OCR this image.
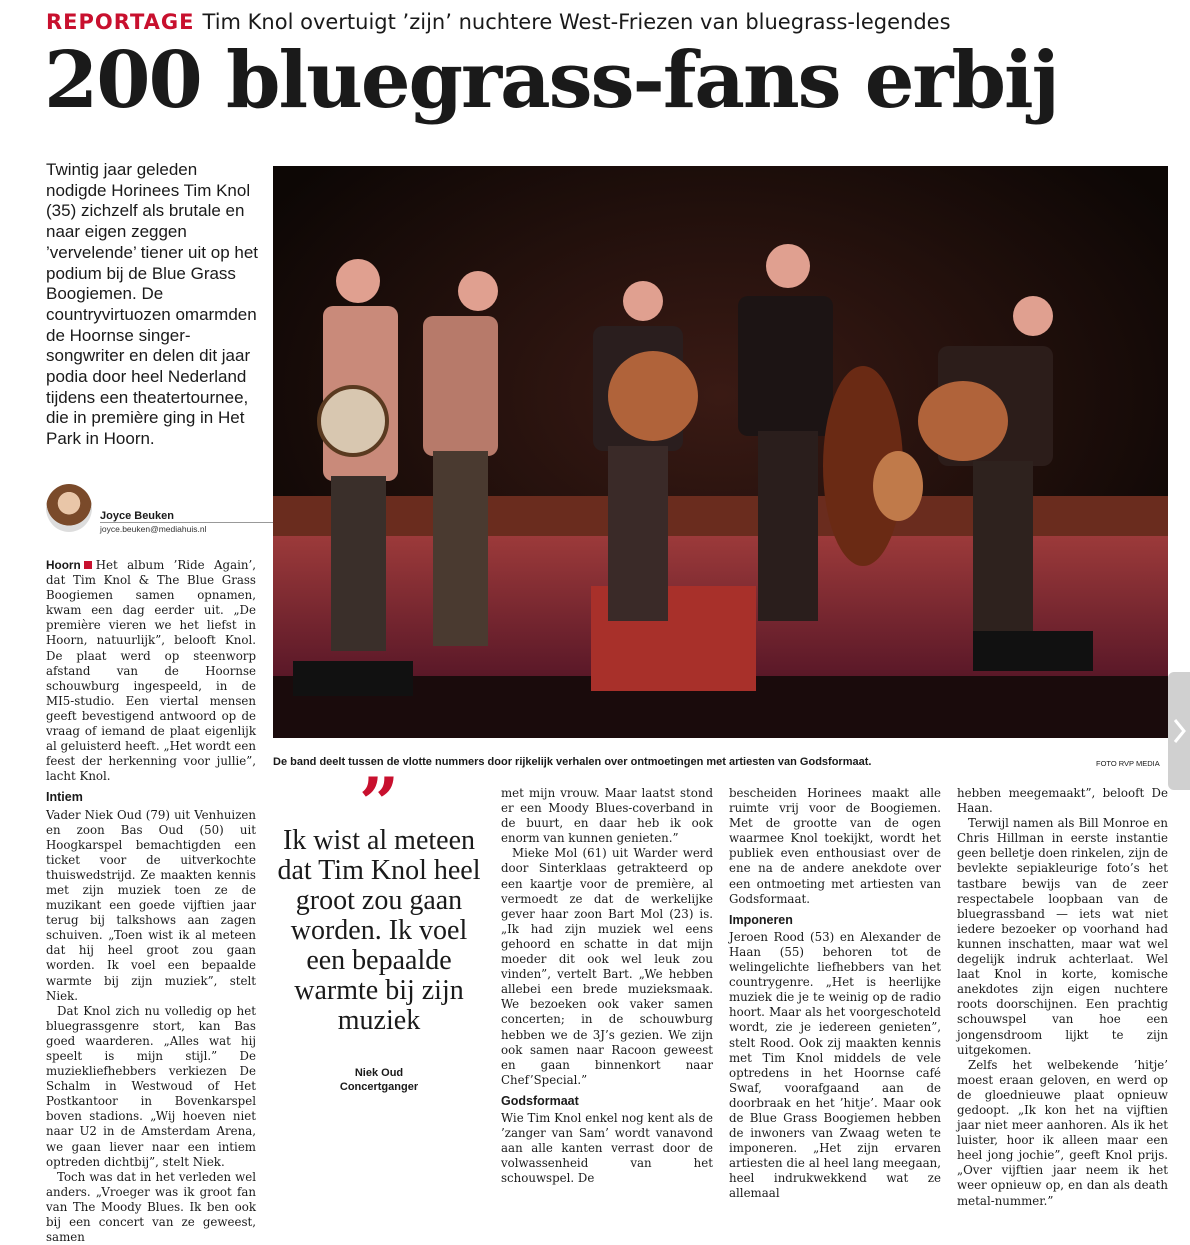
REPORTAGE Tim Knol overtuigt ’zijn’ nuchtere West-Friezen van bluegrass-legendes
200 bluegrass-fans erbij
Twintig jaar geleden nodigde Horinees Tim Knol (35) zichzelf als brutale en naar eigen zeggen ’vervelende’ tiener uit op het podium bij de Blue Grass Boogiemen. De countryvirtuozen omarmden de Hoornse singer-songwriter en delen dit jaar podia door heel Nederland tijdens een theatertournee, die in première ging in Het Park in Hoorn.
Joyce Beuken
joyce.beuken@mediahuis.nl

Hoorn Het album ’Ride Again’, dat Tim Knol & The Blue Grass Boogiemen samen opnamen, kwam een dag eerder uit. „De première vieren we het liefst in Hoorn, natuurlijk”, belooft Knol. De plaat werd op steenworp afstand van de Hoornse schouwburg ingespeeld, in de MI5-studio. Een viertal mensen geeft bevestigend antwoord op de vraag of iemand de plaat eigenlijk al geluisterd heeft. „Het wordt een feest der herkenning voor jullie”, lacht Knol.

Intiem

Vader Niek Oud (79) uit Venhuizen en zoon Bas Oud (50) uit Hoogkarspel bemachtigden een ticket voor de uitverkochte thuiswedstrijd. Ze maakten kennis met zijn muziek toen ze de muzikant een goede vijftien jaar terug bij talkshows aan zagen schuiven. „Toen wist ik al meteen dat hij heel groot zou gaan worden. Ik voel een bepaalde warmte bij zijn muziek”, stelt Niek.

Dat Knol zich nu volledig op het bluegrassgenre stort, kan Bas goed waarderen. „Alles wat hij speelt is mijn stijl.” De muziekliefhebbers verkiezen De Schalm in Westwoud of Het Postkantoor in Bovenkarspel boven stadions. „Wij hoeven niet naar U2 in de Amsterdam Arena, we gaan liever naar een intiem optreden dichtbij”, stelt Niek.

Toch was dat in het verleden wel anders. „Vroeger was ik groot fan van The Moody Blues. Ik ben ook bij een concert van ze geweest, samen

De band deelt tussen de vlotte nummers door rijkelijk verhalen over ontmoetingen met artiesten van Godsformaat.	FOTO RVP MEDIA
”
Ik wist al meteen dat Tim Knol heel groot zou gaan worden. Ik voel een bepaalde warmte bij zijn muziek
Niek Oud
Concertganger

met mijn vrouw. Maar laatst stond er een Moody Blues-coverband in de buurt, en daar heb ik ook enorm van kunnen genieten.”

Mieke Mol (61) uit Warder werd door Sinterklaas getrakteerd op een kaartje voor de première, al vermoedt ze dat de werkelijke gever haar zoon Bart Mol (23) is. „Ik had zijn muziek wel eens gehoord en schatte in dat mijn moeder dit ook wel leuk zou vinden”, vertelt Bart. „We hebben allebei een brede muzieksmaak. We bezoeken ook vaker samen concerten; in de schouwburg hebben we de 3J’s gezien. We zijn ook samen naar Racoon geweest en gaan binnenkort naar Chef’Special.”

Godsformaat

Wie Tim Knol enkel nog kent als de ’zanger van Sam’ wordt vanavond aan alle kanten verrast door de volwassenheid van het schouwspel. De

bescheiden Horinees maakt alle ruimte vrij voor de Boogiemen. Met de grootte van de ogen waarmee Knol toekijkt, wordt het publiek even enthousiast over de ene na de andere anekdote over een ontmoeting met artiesten van Godsformaat.

Imponeren

Jeroen Rood (53) en Alexander de Haan (55) behoren tot de welingelichte liefhebbers van het countrygenre. „Het is heerlijke muziek die je te weinig op de radio hoort. Maar als het voorgeschoteld wordt, zie je iedereen genieten”, stelt Rood. Ook zij maakten kennis met Tim Knol middels de vele optredens in het Hoornse café Swaf, voorafgaand aan de doorbraak en het ’hitje’. Maar ook de Blue Grass Boogiemen hebben de inwoners van Zwaag weten te imponeren. „Het zijn ervaren artiesten die al heel lang meegaan, heel indrukwekkend wat ze allemaal

hebben meegemaakt”, belooft De Haan.

Terwijl namen als Bill Monroe en Chris Hillman in eerste instantie geen belletje doen rinkelen, zijn de bevlekte sepiakleurige foto’s het tastbare bewijs van de zeer respectabele loopbaan van de bluegrassband — iets wat niet iedere bezoeker op voorhand had kunnen inschatten, maar wat wel degelijk indruk achterlaat. Wel laat Knol in korte, komische anekdotes zijn eigen nuchtere roots doorschijnen. Een prachtig schouwspel van hoe een jongensdroom lijkt te zijn uitgekomen.

Zelfs het welbekende ’hitje’ moest eraan geloven, en werd op de gloednieuwe plaat opnieuw gedoopt. „Ik kon het na vijftien jaar niet meer aanhoren. Als ik het luister, hoor ik alleen maar een heel jong jochie”, geeft Knol prijs. „Over vijftien jaar neem ik het weer opnieuw op, en dan als death metal-nummer.”
